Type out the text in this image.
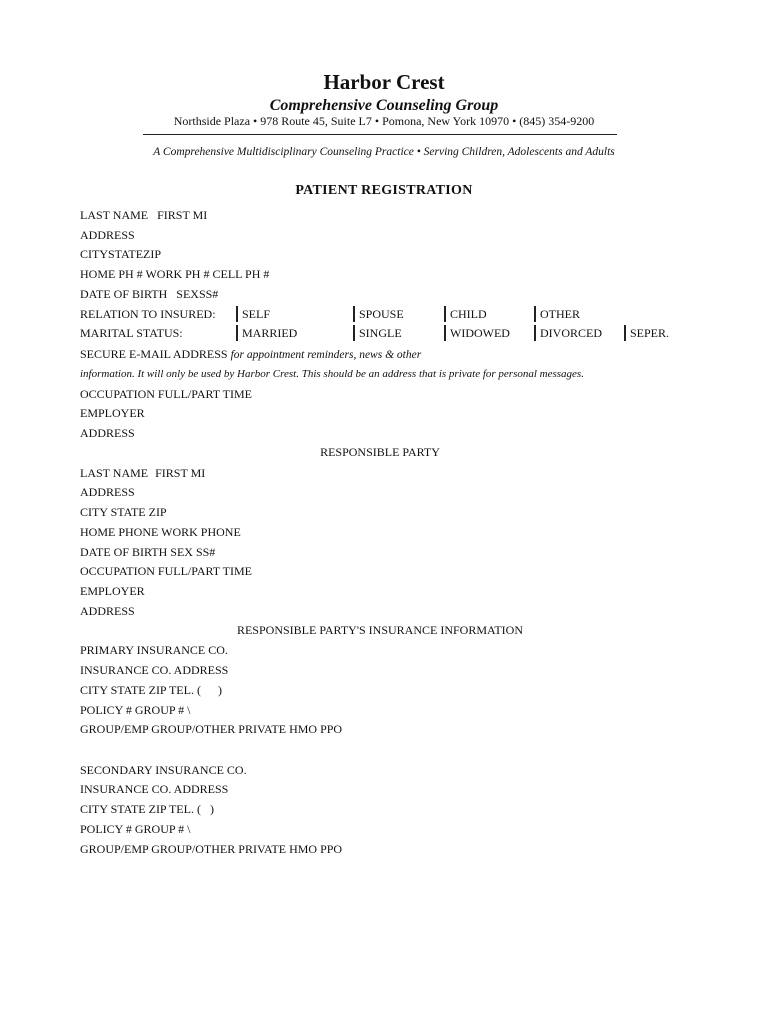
Harbor Crest
Comprehensive Counseling Group
Northside Plaza • 978 Route 45, Suite L7 • Pomona, New York 10970 • (845) 354-9200
A Comprehensive Multidisciplinary Counseling Practice • Serving Children, Adolescents and Adults
PATIENT REGISTRATION
LAST NAME FIRST MI
ADDRESS
CITYSTATEZIP
HOME PH # WORK PH # CELL PH #
DATE OF BIRTH SEXSS#
RELATION TO INSURED:	SELF	SPOUSE	CHILD	OTHER
MARITAL STATUS:	MARRIED	SINGLE	WIDOWED	DIVORCED	SEPER.
SECURE E-MAIL ADDRESS for appointment reminders, news & other
information. It will only be used by Harbor Crest. This should be an address that is private for personal messages.
OCCUPATION FULL/PART TIME
EMPLOYER
ADDRESS
RESPONSIBLE PARTY
LAST NAME FIRST MI
ADDRESS
CITY STATE ZIP
HOME PHONE WORK PHONE
DATE OF BIRTH SEX SS#
OCCUPATION FULL/PART TIME
EMPLOYER
ADDRESS
RESPONSIBLE PARTY'S INSURANCE INFORMATION
PRIMARY INSURANCE CO.
INSURANCE CO. ADDRESS
CITY STATE ZIP TEL. ( )
POLICY # GROUP # \
GROUP/EMP GROUP/OTHER PRIVATE HMO PPO
SECONDARY INSURANCE CO.
INSURANCE CO. ADDRESS
CITY STATE ZIP TEL. ( )
POLICY # GROUP # \
GROUP/EMP GROUP/OTHER PRIVATE HMO PPO
